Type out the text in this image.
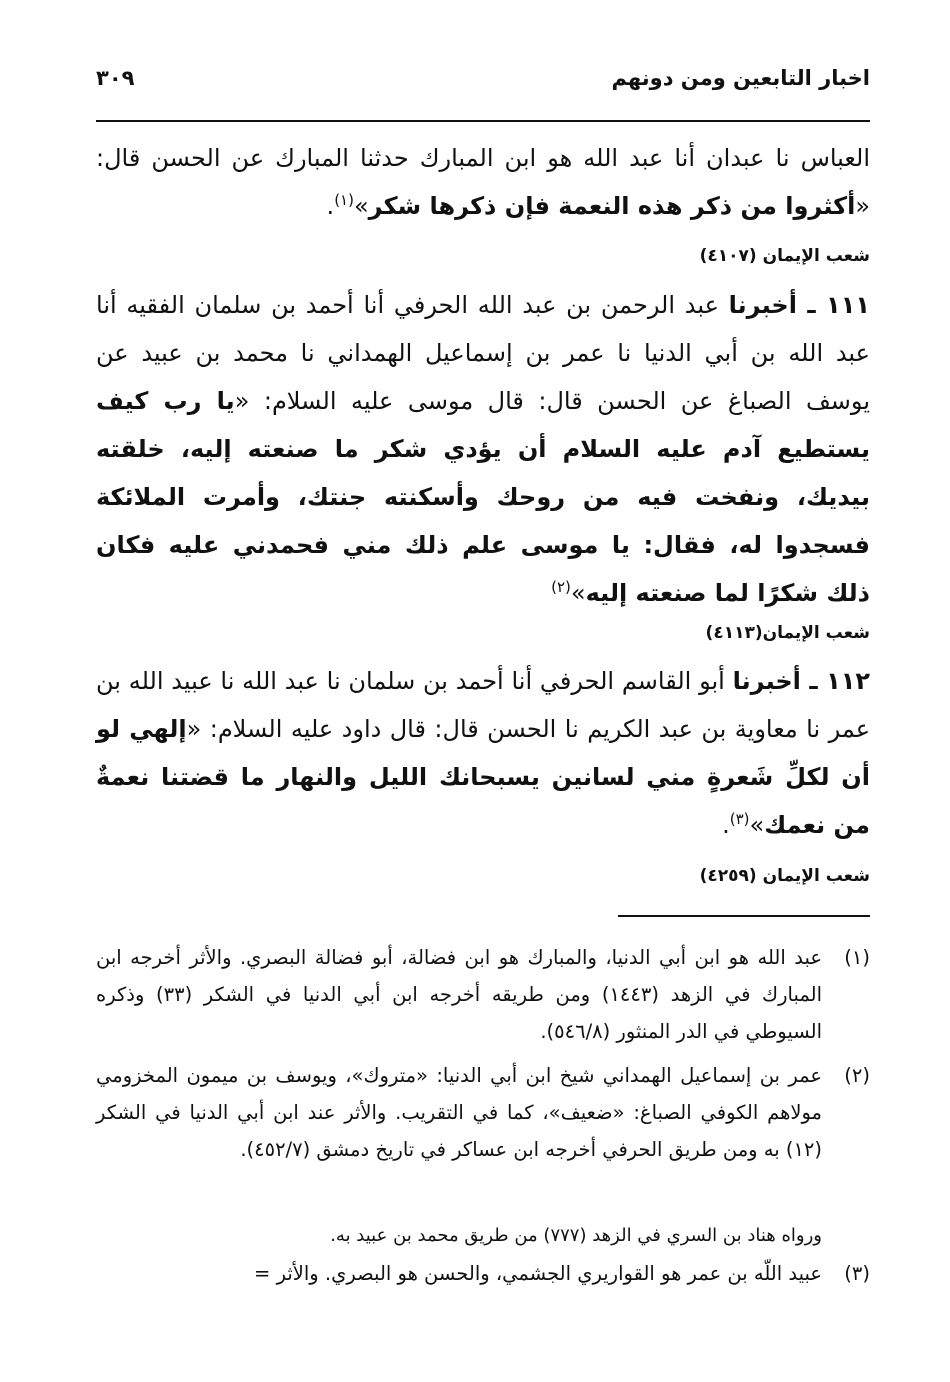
اخبار التابعين ومن دونهم
٣٠٩
العباس نا عبدان أنا عبد الله هو ابن المبارك حدثنا المبارك عن الحسن قال: «أكثروا من ذكر هذه النعمة فإن ذكرها شكر»$^{(١)}$.
شعب الإيمان (٤١٠٧)
١١١ ـ أخبرنا عبد الرحمن بن عبد الله الحرفي أنا أحمد بن سلمان الفقيه أنا عبد الله بن أبي الدنيا نا عمر بن إسماعيل الهمداني نا محمد بن عبيد عن يوسف الصباغ عن الحسن قال: قال موسى عليه السلام: «يا رب كيف يستطيع آدم عليه السلام أن يؤدي شكر ما صنعته إليه، خلقته بيديك، ونفخت فيه من روحك وأسكنته جنتك، وأمرت الملائكة فسجدوا له، فقال: يا موسى علم ذلك مني فحمدني عليه فكان ذلك شكرًا لما صنعته إليه»$^{(٢)}$
شعب الإيمان(٤١١٣)
١١٢ ـ أخبرنا أبو القاسم الحرفي أنا أحمد بن سلمان نا عبد الله نا عبيد الله بن عمر نا معاوية بن عبد الكريم نا الحسن قال: قال داود عليه السلام: «إلهي لو أن لكلِّ شَعرةٍ مني لسانين يسبحانك الليل والنهار ما قضتنا نعمةٌ من نعمك»$^{(٣)}$.
شعب الإيمان (٤٢٥٩)
(١)
عبد الله هو ابن أبي الدنيا، والمبارك هو ابن فضالة، أبو فضالة البصري. والأثر أخرجه ابن المبارك في الزهد (١٤٤٣) ومن طريقه أخرجه ابن أبي الدنيا في الشكر (٣٣) وذكره السيوطي في الدر المنثور (٥٤٦/٨).
(٢)
عمر بن إسماعيل الهمداني شيخ ابن أبي الدنيا: «متروك»، ويوسف بن ميمون المخزومي مولاهم الكوفي الصباغ: «ضعيف»، كما في التقريب. والأثر عند ابن أبي الدنيا في الشكر (١٢) به ومن طريق الحرفي أخرجه ابن عساكر في تاريخ دمشق (٤٥٢/٧).
ورواه هناد بن السري في الزهد (٧٧٧) من طريق محمد بن عبيد به.
(٣)
عبيد اللّه بن عمر هو القواريري الجشمي، والحسن هو البصري. والأثر =
